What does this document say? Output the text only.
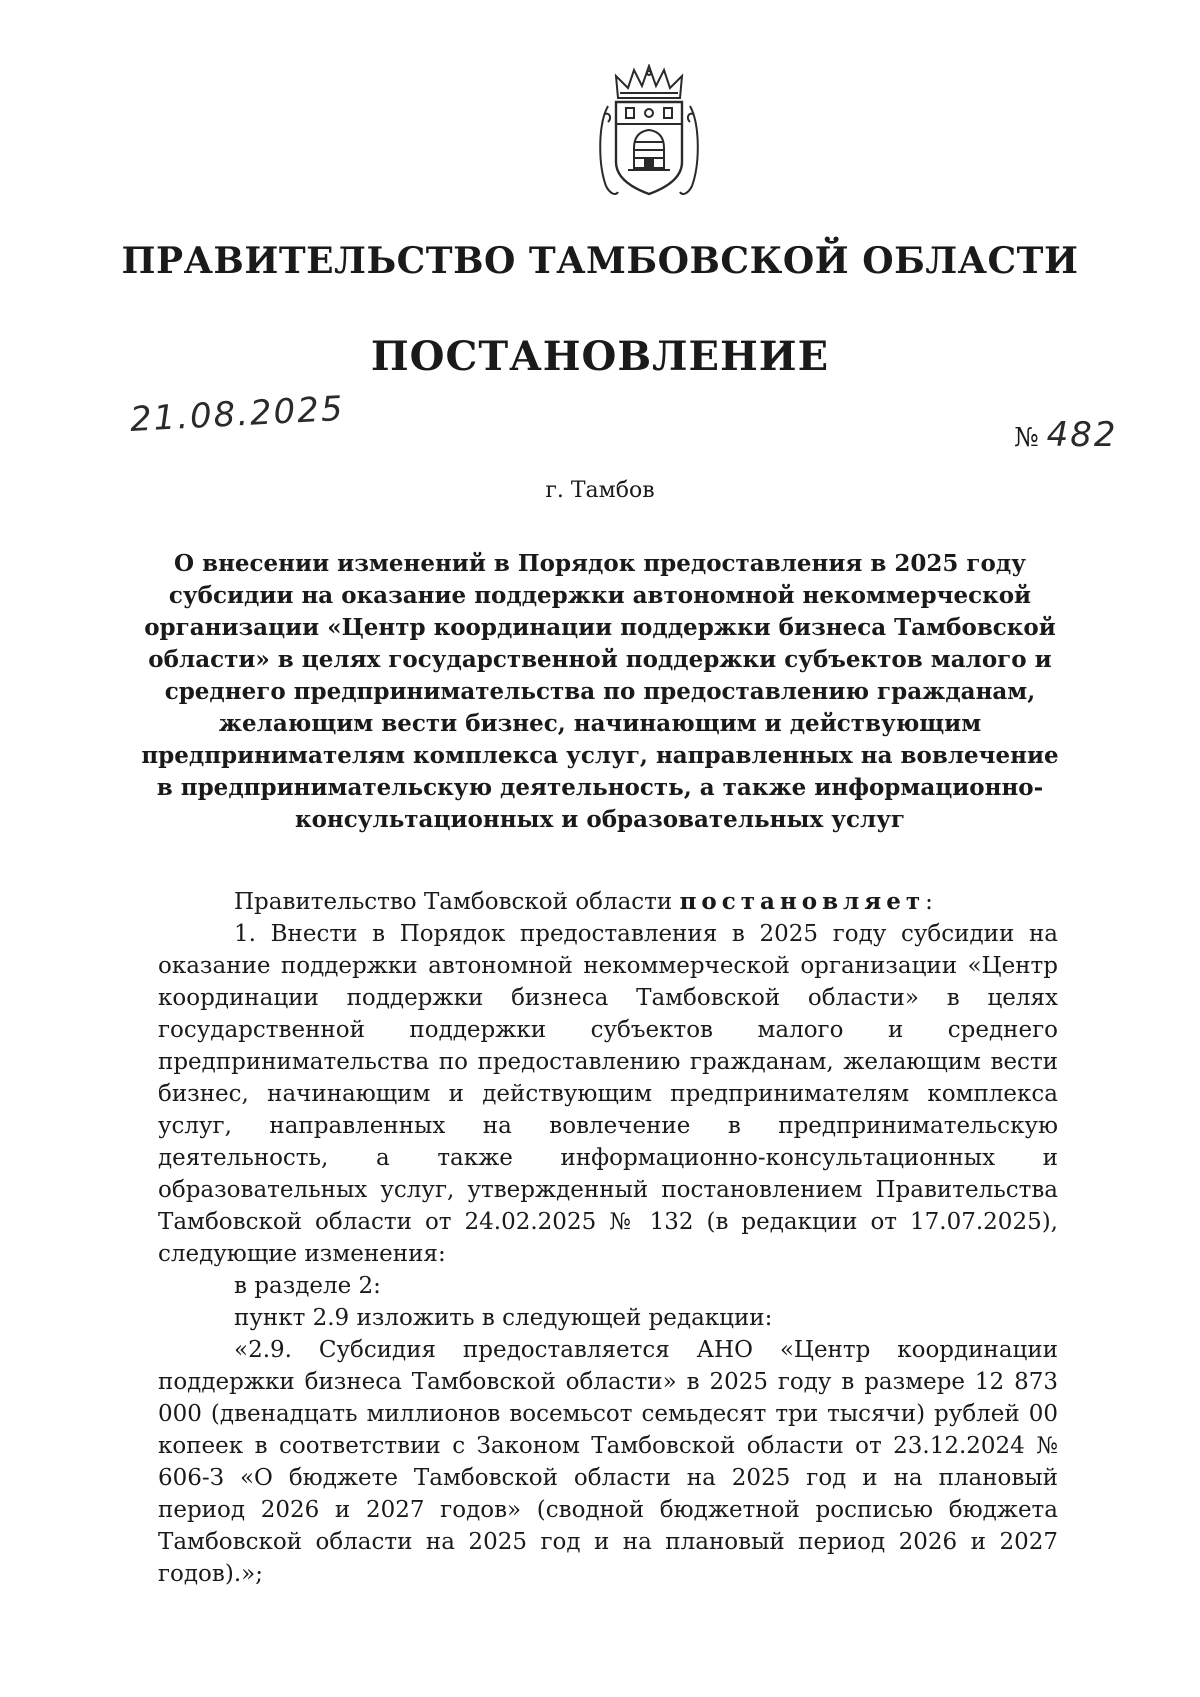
ПРАВИТЕЛЬСТВО ТАМБОВСКОЙ ОБЛАСТИ
ПОСТАНОВЛЕНИЕ
21.08.2025	№ 482
г. Тамбов
О внесении изменений в Порядок предоставления в 2025 году субсидии на оказание поддержки автономной некоммерческой организации «Центр координации поддержки бизнеса Тамбовской области» в целях государственной поддержки субъектов малого и среднего предпринимательства по предоставлению гражданам, желающим вести бизнес, начинающим и действующим предпринимателям комплекса услуг, направленных на вовлечение в предпринимательскую деятельность, а также информационно-консультационных и образовательных услуг

Правительство Тамбовской области постановляет:

1. Внести в Порядок предоставления в 2025 году субсидии на оказание поддержки автономной некоммерческой организации «Центр координации поддержки бизнеса Тамбовской области» в целях государственной поддержки субъектов малого и среднего предпринимательства по предоставлению гражданам, желающим вести бизнес, начинающим и действующим предпринимателям комплекса услуг, направленных на вовлечение в предпринимательскую деятельность, а также информационно-консультационных и образовательных услуг, утвержденный постановлением Правительства Тамбовской области от 24.02.2025 № 132 (в редакции от 17.07.2025), следующие изменения:

в разделе 2:

пункт 2.9 изложить в следующей редакции:

«2.9. Субсидия предоставляется АНО «Центр координации поддержки бизнеса Тамбовской области» в 2025 году в размере 12 873 000 (двенадцать миллионов восемьсот семьдесят три тысячи) рублей 00 копеек в соответствии с Законом Тамбовской области от 23.12.2024 № 606-З «О бюджете Тамбовской области на 2025 год и на плановый период 2026 и 2027 годов» (сводной бюджетной росписью бюджета Тамбовской области на 2025 год и на плановый период 2026 и 2027 годов).»;
